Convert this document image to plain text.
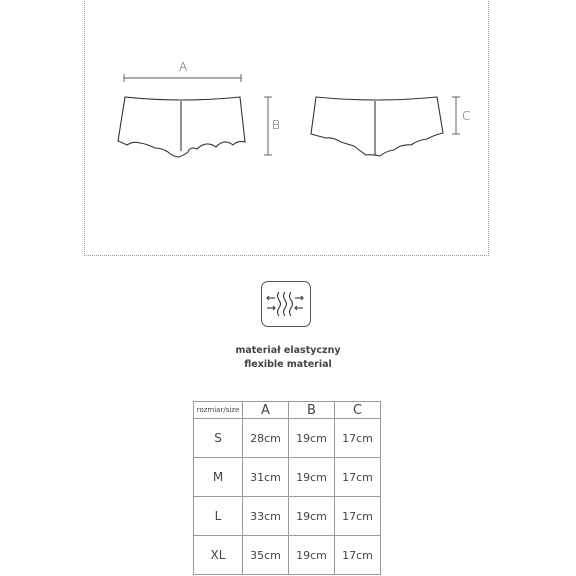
A
B
C
materiał elastyczny
flexible material
rozmiar/size	A	B	C
S	28cm	19cm	17cm
M	31cm	19cm	17cm
L	33cm	19cm	17cm
XL	35cm	19cm	17cm
